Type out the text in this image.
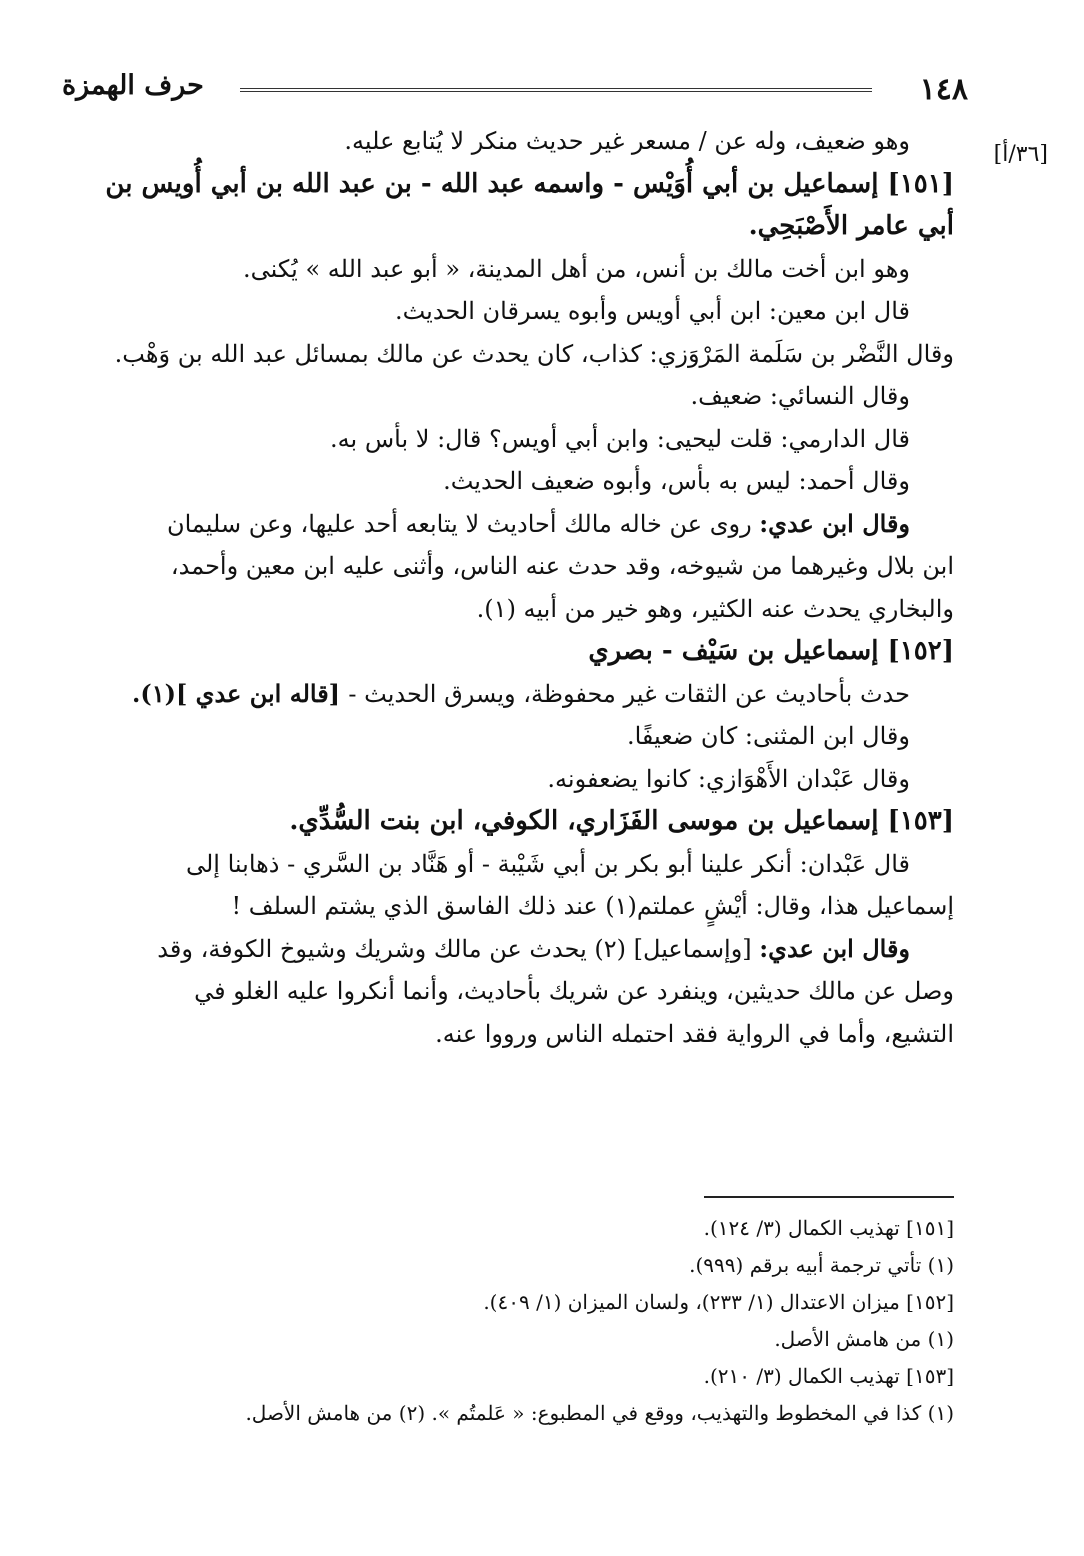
١٤٨
حرف الهمزة
[٣٦/أ]

وهو ضعيف، وله عن / مسعر غير حديث منكر لا يُتابع عليه.

[١٥١] إسماعيل بن أبي أُوَيْس - واسمه عبد الله - بن عبد الله بن أبي أُويس بن أبي عامر الأَصْبَحِي.

وهو ابن أخت مالك بن أنس، من أهل المدينة، « أبو عبد الله » يُكنى.

قال ابن معين: ابن أبي أويس وأبوه يسرقان الحديث.

وقال النَّضْر بن سَلَمة المَرْوَزي: كذاب، كان يحدث عن مالك بمسائل عبد الله بن وَهْب.

وقال النسائي: ضعيف.

قال الدارمي: قلت ليحيى: وابن أبي أويس؟ قال: لا بأس به.

وقال أحمد: ليس به بأس، وأبوه ضعيف الحديث.

وقال ابن عدي: روى عن خاله مالك أحاديث لا يتابعه أحد عليها، وعن سليمان

ابن بلال وغيرهما من شيوخه، وقد حدث عنه الناس، وأثنى عليه ابن معين وأحمد،

والبخاري يحدث عنه الكثير، وهو خير من أبيه (١).

[١٥٢] إسماعيل بن سَيْف - بصري

حدث بأحاديث عن الثقات غير محفوظة، ويسرق الحديث - [قاله ابن عدي ](١).

وقال ابن المثنى: كان ضعيفًا.

وقال عَبْدان الأَهْوَازي: كانوا يضعفونه.

[١٥٣] إسماعيل بن موسى الفَزَاري، الكوفي، ابن بنت السُّدِّي.

قال عَبْدان: أنكر علينا أبو بكر بن أبي شَيْبة - أو هَنَّاد بن السَّري - ذهابنا إلى

إسماعيل هذا، وقال: أيْشٍ عملتم(١) عند ذلك الفاسق الذي يشتم السلف !

وقال ابن عدي: [وإسماعيل] (٢) يحدث عن مالك وشريك وشيوخ الكوفة، وقد

وصل عن مالك حديثين، وينفرد عن شريك بأحاديث، وأنما أنكروا عليه الغلو في

التشيع، وأما في الرواية فقد احتمله الناس ورووا عنه.

[١٥١] تهذيب الكمال (٣/ ١٢٤).

(١) تأتي ترجمة أبيه برقم (٩٩٩).

[١٥٢] ميزان الاعتدال (١/ ٢٣٣)، ولسان الميزان (١/ ٤٠٩).

(١) من هامش الأصل.

[١٥٣] تهذيب الكمال (٣/ ٢١٠).

(١) كذا في المخطوط والتهذيب، ووقع في المطبوع: « عَلمتُم ». (٢) من هامش الأصل.
